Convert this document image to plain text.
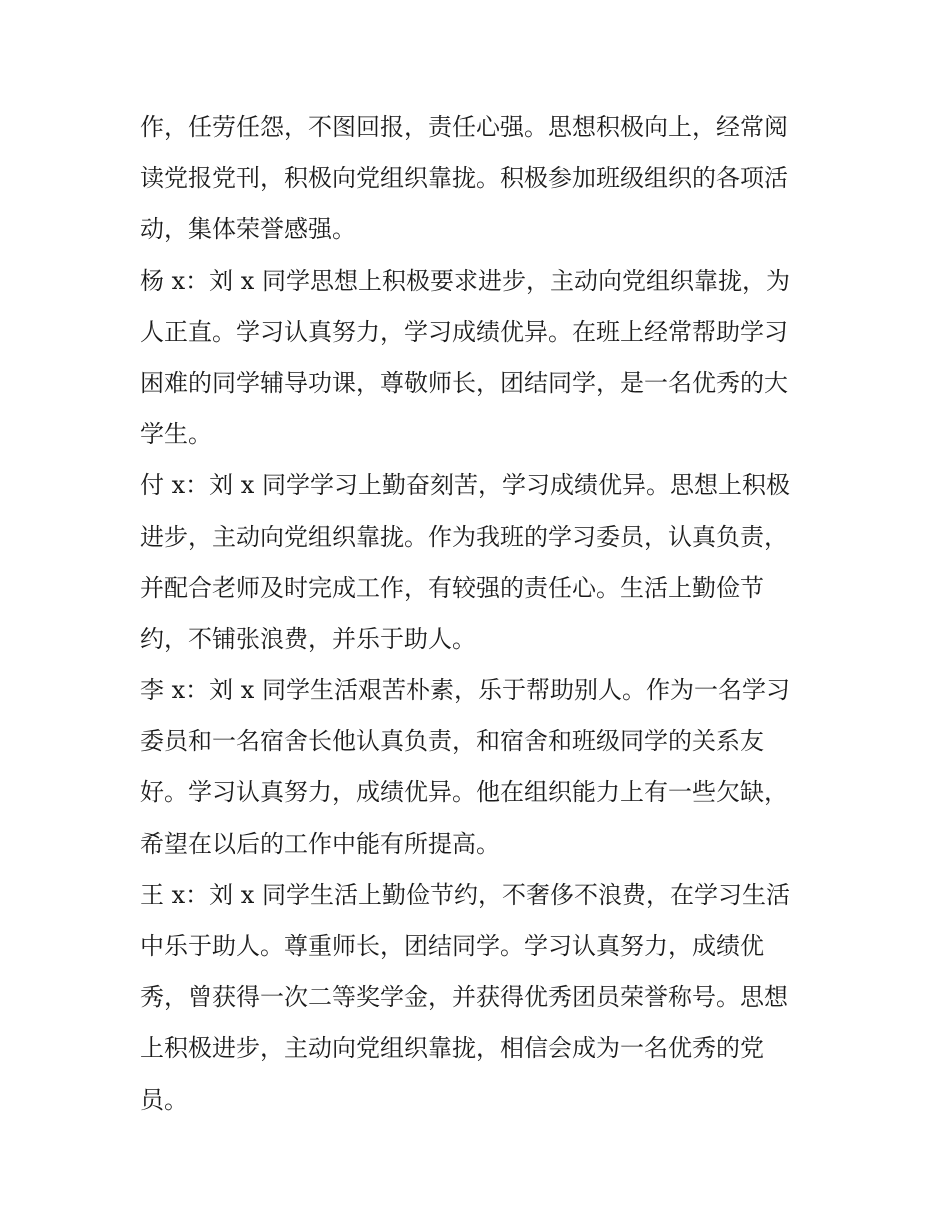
作，任劳任怨，不图回报，责任心强。思想积极向上，经常阅
读党报党刊，积极向党组织靠拢。积极参加班级组织的各项活
动，集体荣誉感强。
杨 x：刘 x 同学思想上积极要求进步，主动向党组织靠拢，为
人正直。学习认真努力，学习成绩优异。在班上经常帮助学习
困难的同学辅导功课，尊敬师长，团结同学，是一名优秀的大
学生。
付 x：刘 x 同学学习上勤奋刻苦，学习成绩优异。思想上积极
进步，主动向党组织靠拢。作为我班的学习委员，认真负责，
并配合老师及时完成工作，有较强的责任心。生活上勤俭节
约，不铺张浪费，并乐于助人。
李 x：刘 x 同学生活艰苦朴素，乐于帮助别人。作为一名学习
委员和一名宿舍长他认真负责，和宿舍和班级同学的关系友
好。学习认真努力，成绩优异。他在组织能力上有一些欠缺，
希望在以后的工作中能有所提高。
王 x：刘 x 同学生活上勤俭节约，不奢侈不浪费，在学习生活
中乐于助人。尊重师长，团结同学。学习认真努力，成绩优
秀，曾获得一次二等奖学金，并获得优秀团员荣誉称号。思想
上积极进步，主动向党组织靠拢，相信会成为一名优秀的党
员。
